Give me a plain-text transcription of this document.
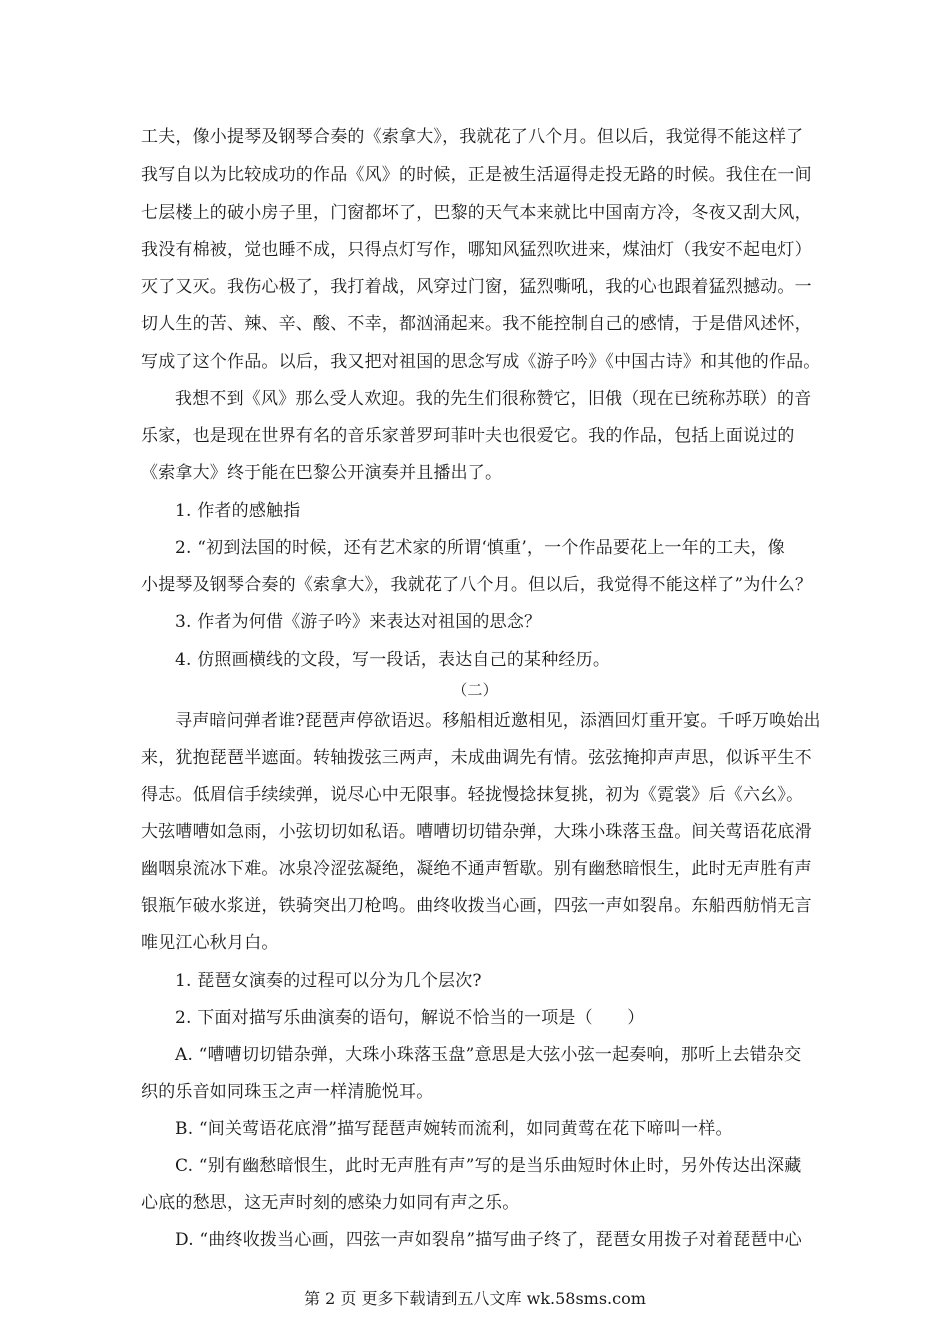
工夫，像小提琴及钢琴合奏的《索拿大》，我就花了八个月。但以后，我觉得不能这样了
我写自以为比较成功的作品《风》的时候，正是被生活逼得走投无路的时候。我住在一间
七层楼上的破小房子里，门窗都坏了，巴黎的天气本来就比中国南方冷，冬夜又刮大风，
我没有棉被，觉也睡不成，只得点灯写作，哪知风猛烈吹进来，煤油灯（我安不起电灯）
灭了又灭。我伤心极了，我打着战，风穿过门窗，猛烈嘶吼，我的心也跟着猛烈撼动。一
切人生的苦、辣、辛、酸、不幸，都汹涌起来。我不能控制自己的感情，于是借风述怀，
写成了这个作品。以后，我又把对祖国的思念写成《游子吟》《中国古诗》和其他的作品。
我想不到《风》那么受人欢迎。我的先生们很称赞它，旧俄（现在已统称苏联）的音
乐家，也是现在世界有名的音乐家普罗珂菲叶夫也很爱它。我的作品，包括上面说过的
《索拿大》终于能在巴黎公开演奏并且播出了。
1. 作者的感触指
2. “初到法国的时候，还有艺术家的所谓‘慎重’，一个作品要花上一年的工夫，像
小提琴及钢琴合奏的《索拿大》，我就花了八个月。但以后，我觉得不能这样了”为什么？
3. 作者为何借《游子吟》来表达对祖国的思念？
4. 仿照画横线的文段，写一段话，表达自己的某种经历。
（二）
寻声暗问弹者谁?琵琶声停欲语迟。移船相近邀相见，添酒回灯重开宴。千呼万唤始出
来，犹抱琵琶半遮面。转轴拨弦三两声，未成曲调先有情。弦弦掩抑声声思，似诉平生不
得志。低眉信手续续弹，说尽心中无限事。轻拢慢捻抹复挑，初为《霓裳》后《六幺》。
大弦嘈嘈如急雨，小弦切切如私语。嘈嘈切切错杂弹，大珠小珠落玉盘。间关莺语花底滑
幽咽泉流冰下难。冰泉冷涩弦凝绝，凝绝不通声暂歇。别有幽愁暗恨生，此时无声胜有声
银瓶乍破水浆迸，铁骑突出刀枪鸣。曲终收拨当心画，四弦一声如裂帛。东船西舫悄无言
唯见江心秋月白。
1. 琵琶女演奏的过程可以分为几个层次?
2. 下面对描写乐曲演奏的语句，解说不恰当的一项是（　　）
A. “嘈嘈切切错杂弹，大珠小珠落玉盘”意思是大弦小弦一起奏响，那听上去错杂交
织的乐音如同珠玉之声一样清脆悦耳。
B. “间关莺语花底滑”描写琵琶声婉转而流利，如同黄莺在花下啼叫一样。
C. “别有幽愁暗恨生，此时无声胜有声”写的是当乐曲短时休止时，另外传达出深藏
心底的愁思，这无声时刻的感染力如同有声之乐。
D. “曲终收拨当心画，四弦一声如裂帛”描写曲子终了，琵琶女用拨子对着琵琶中心
第 2 页 更多下载请到五八文库 wk.58sms.com
